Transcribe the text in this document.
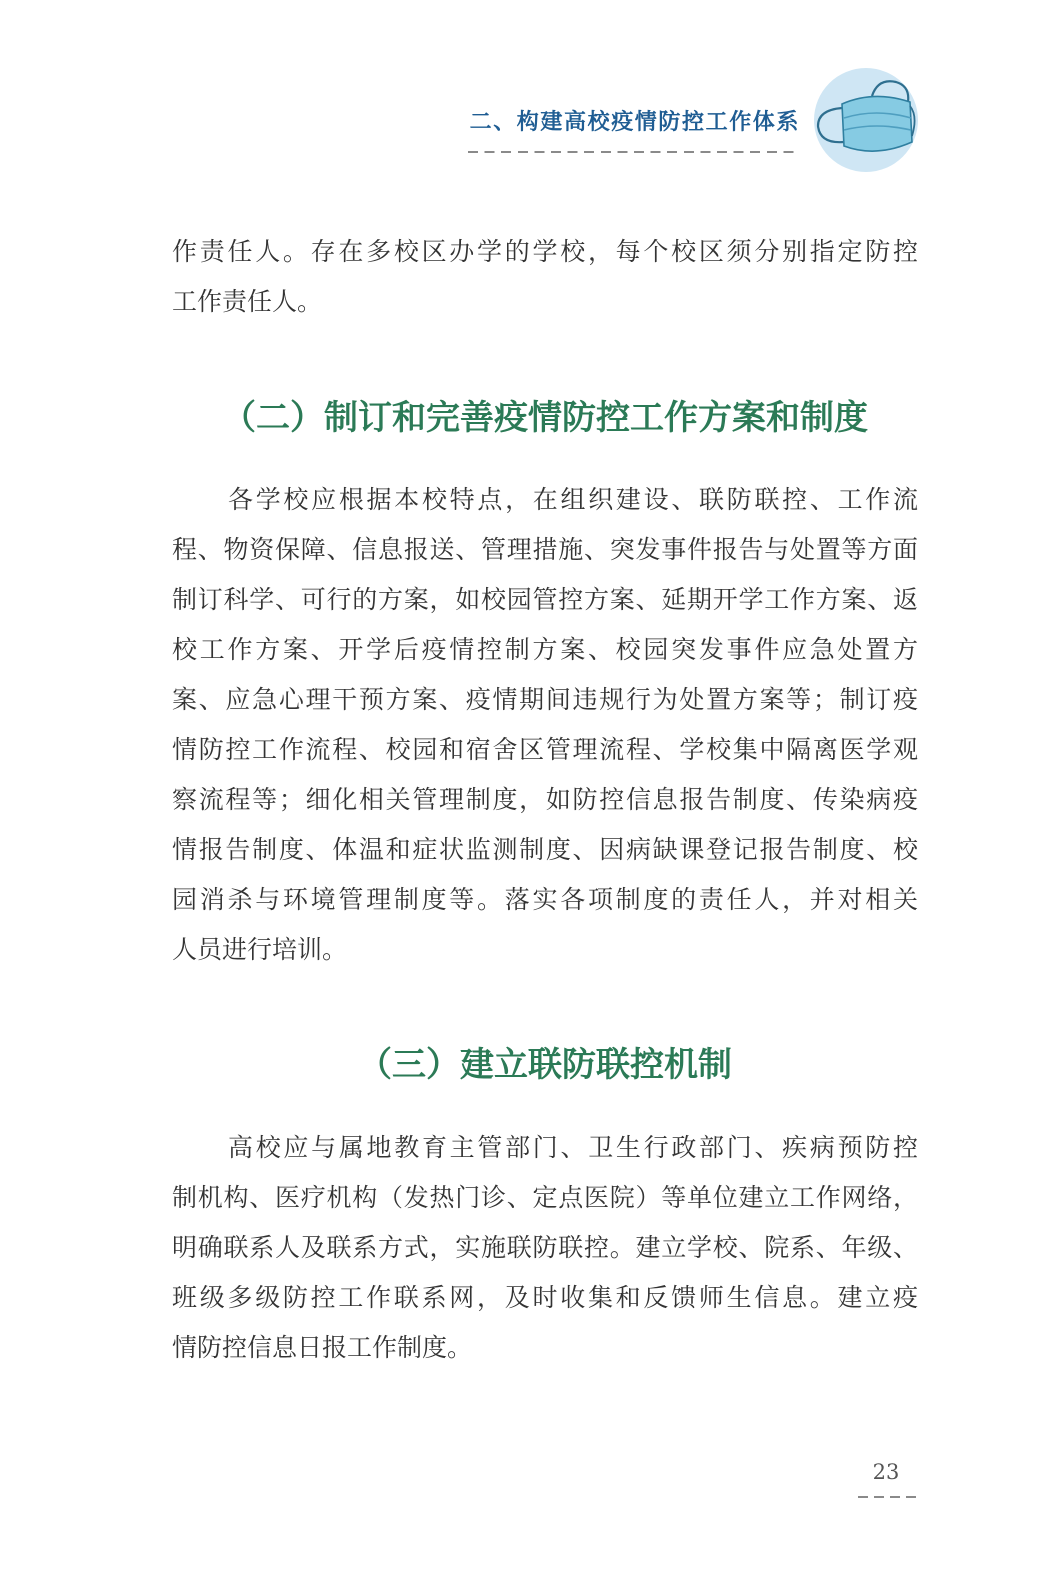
二、构建高校疫情防控工作体系
作责任人。存在多校区办学的学校，每个校区须分别指定防控
工作责任人。
（二）制订和完善疫情防控工作方案和制度
各学校应根据本校特点，在组织建设、联防联控、工作流
程、物资保障、信息报送、管理措施、突发事件报告与处置等方面
制订科学、可行的方案，如校园管控方案、延期开学工作方案、返
校工作方案、开学后疫情控制方案、校园突发事件应急处置方
案、应急心理干预方案、疫情期间违规行为处置方案等；制订疫
情防控工作流程、校园和宿舍区管理流程、学校集中隔离医学观
察流程等；细化相关管理制度，如防控信息报告制度、传染病疫
情报告制度、体温和症状监测制度、因病缺课登记报告制度、校
园消杀与环境管理制度等。落实各项制度的责任人，并对相关
人员进行培训。
（三）建立联防联控机制
高校应与属地教育主管部门、卫生行政部门、疾病预防控
制机构、医疗机构（发热门诊、定点医院）等单位建立工作网络，
明确联系人及联系方式，实施联防联控。建立学校、院系、年级、
班级多级防控工作联系网，及时收集和反馈师生信息。建立疫
情防控信息日报工作制度。
23
